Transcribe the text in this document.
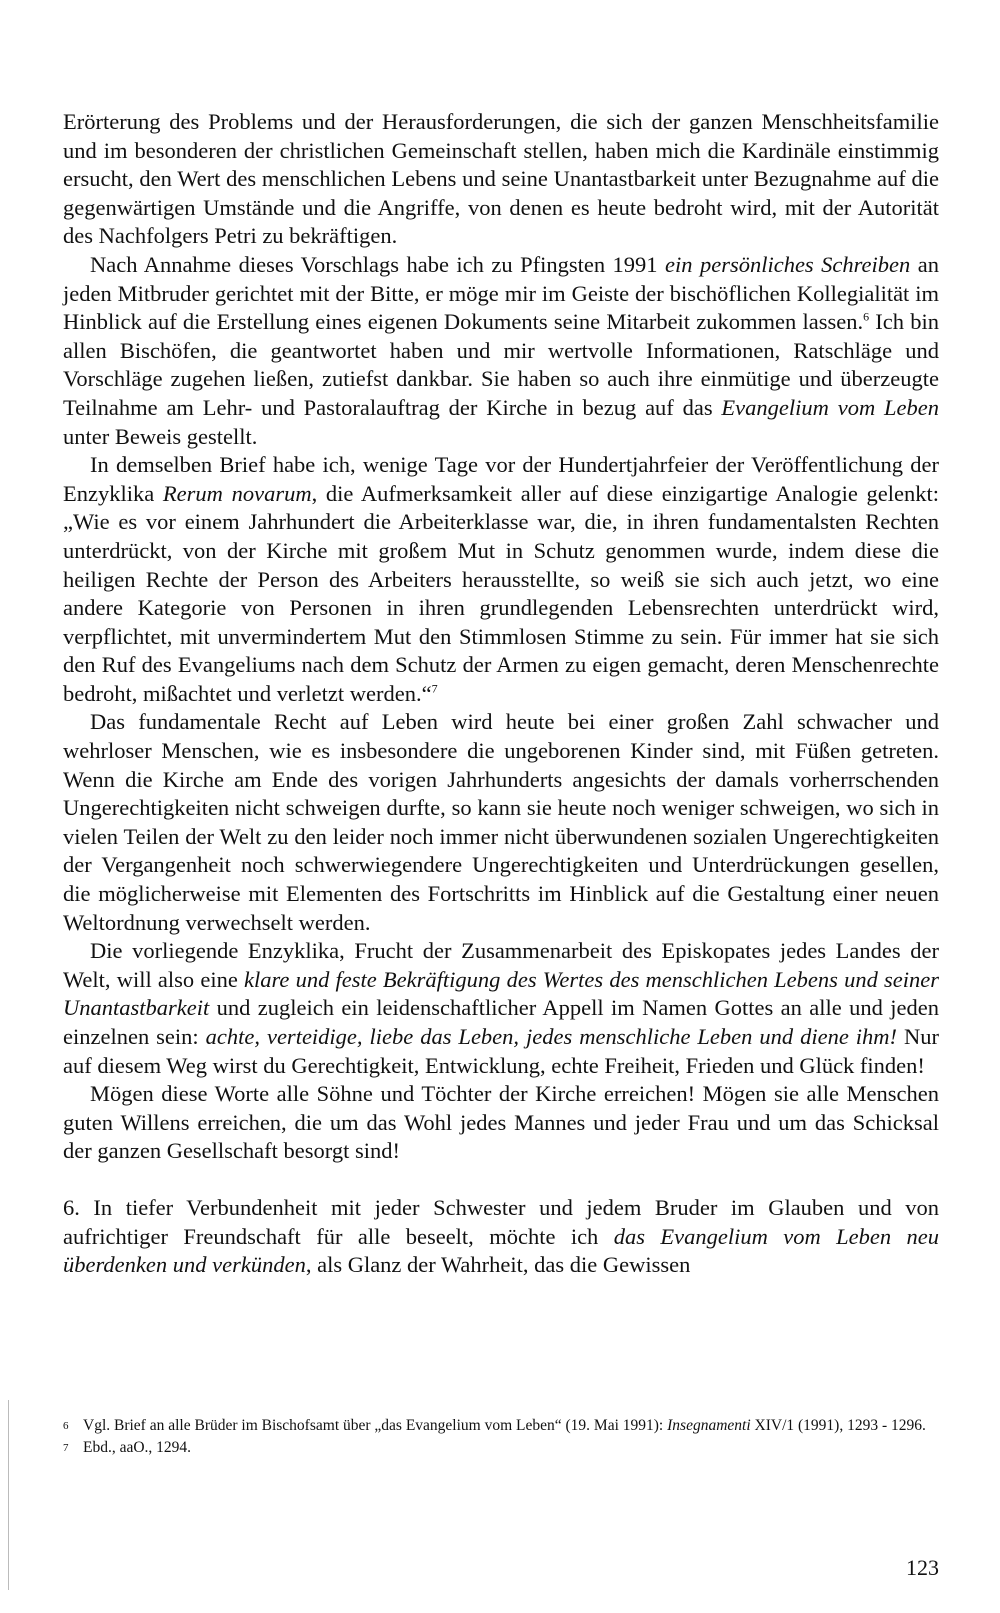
Erörterung des Problems und der Herausforderungen, die sich der ganzen Menschheitsfamilie und im besonderen der christlichen Gemeinschaft stellen, haben mich die Kardinäle einstimmig ersucht, den Wert des menschlichen Lebens und seine Unantastbarkeit unter Bezugnahme auf die gegenwärtigen Umstände und die Angriffe, von denen es heute bedroht wird, mit der Autorität des Nachfolgers Petri zu bekräftigen.

Nach Annahme dieses Vorschlags habe ich zu Pfingsten 1991 ein persönliches Schreiben an jeden Mitbruder gerichtet mit der Bitte, er möge mir im Geiste der bischöflichen Kollegialität im Hinblick auf die Erstellung eines eigenen Dokuments seine Mitarbeit zukommen lassen.$^6$ Ich bin allen Bischöfen, die geantwortet haben und mir wertvolle Informationen, Ratschläge und Vorschläge zugehen ließen, zutiefst dankbar. Sie haben so auch ihre einmütige und überzeugte Teilnahme am Lehr- und Pastoralauftrag der Kirche in bezug auf das Evangelium vom Leben unter Beweis gestellt.

In demselben Brief habe ich, wenige Tage vor der Hundertjahrfeier der Veröffentlichung der Enzyklika Rerum novarum, die Aufmerksamkeit aller auf diese einzigartige Analogie gelenkt: „Wie es vor einem Jahrhundert die Arbeiterklasse war, die, in ihren fundamentalsten Rechten unterdrückt, von der Kirche mit großem Mut in Schutz genommen wurde, indem diese die heiligen Rechte der Person des Arbeiters herausstellte, so weiß sie sich auch jetzt, wo eine andere Kategorie von Personen in ihren grundlegenden Lebensrechten unterdrückt wird, verpflichtet, mit unvermindertem Mut den Stimmlosen Stimme zu sein. Für immer hat sie sich den Ruf des Evangeliums nach dem Schutz der Armen zu eigen gemacht, deren Menschenrechte bedroht, mißachtet und verletzt werden.“$^7$

Das fundamentale Recht auf Leben wird heute bei einer großen Zahl schwacher und wehrloser Menschen, wie es insbesondere die ungeborenen Kinder sind, mit Füßen getreten. Wenn die Kirche am Ende des vorigen Jahrhunderts angesichts der damals vorherrschenden Ungerechtigkeiten nicht schweigen durfte, so kann sie heute noch weniger schweigen, wo sich in vielen Teilen der Welt zu den leider noch immer nicht überwundenen sozialen Ungerechtigkeiten der Vergangenheit noch schwerwiegendere Ungerechtigkeiten und Unterdrückungen gesellen, die möglicherweise mit Elementen des Fortschritts im Hinblick auf die Gestaltung einer neuen Weltordnung verwechselt werden.

Die vorliegende Enzyklika, Frucht der Zusammenarbeit des Episkopates jedes Landes der Welt, will also eine klare und feste Bekräftigung des Wertes des menschlichen Lebens und seiner Unantastbarkeit und zugleich ein leidenschaftlicher Appell im Namen Gottes an alle und jeden einzelnen sein: achte, verteidige, liebe das Leben, jedes menschliche Leben und diene ihm! Nur auf diesem Weg wirst du Gerechtigkeit, Entwicklung, echte Freiheit, Frieden und Glück finden!

Mögen diese Worte alle Söhne und Töchter der Kirche erreichen! Mögen sie alle Menschen guten Willens erreichen, die um das Wohl jedes Mannes und jeder Frau und um das Schicksal der ganzen Gesellschaft besorgt sind!

6. In tiefer Verbundenheit mit jeder Schwester und jedem Bruder im Glauben und von aufrichtiger Freundschaft für alle beseelt, möchte ich das Evangelium vom Leben neu überdenken und verkünden, als Glanz der Wahrheit, das die Gewissen

6 Vgl. Brief an alle Brüder im Bischofsamt über „das Evangelium vom Leben“ (19. Mai 1991): Insegnamenti XIV/1 (1991), 1293 - 1296.

7 Ebd., aaO., 1294.

123
